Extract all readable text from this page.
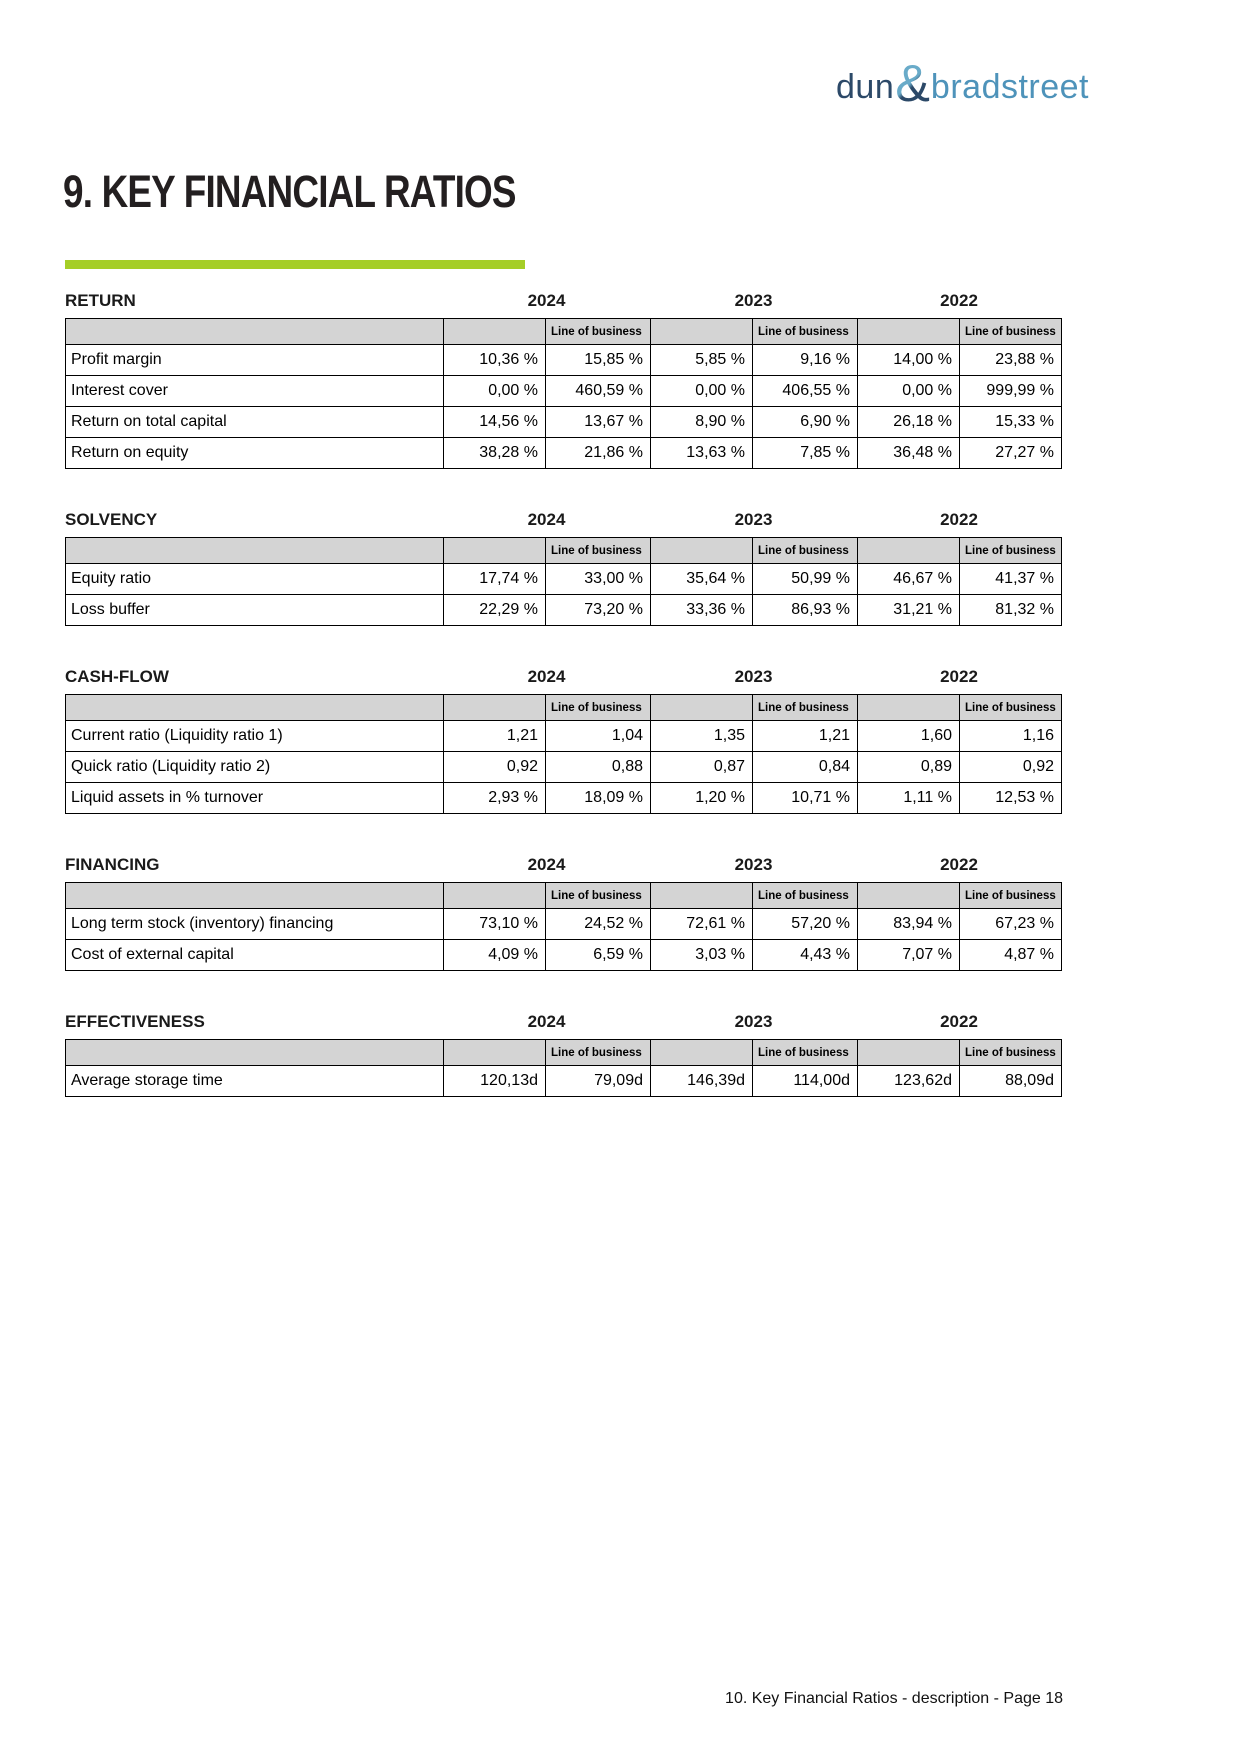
dun & bradstreet
9. KEY FINANCIAL RATIOS
RETURN	2024	2023	2022
		Line of business		Line of business		Line of business
Profit margin	10,36 %	15,85 %	5,85 %	9,16 %	14,00 %	23,88 %
Interest cover	0,00 %	460,59 %	0,00 %	406,55 %	0,00 %	999,99 %
Return on total capital	14,56 %	13,67 %	8,90 %	6,90 %	26,18 %	15,33 %
Return on equity	38,28 %	21,86 %	13,63 %	7,85 %	36,48 %	27,27 %
SOLVENCY	2024	2023	2022
		Line of business		Line of business		Line of business
Equity ratio	17,74 %	33,00 %	35,64 %	50,99 %	46,67 %	41,37 %
Loss buffer	22,29 %	73,20 %	33,36 %	86,93 %	31,21 %	81,32 %
CASH-FLOW	2024	2023	2022
		Line of business		Line of business		Line of business
Current ratio (Liquidity ratio 1)	1,21	1,04	1,35	1,21	1,60	1,16
Quick ratio (Liquidity ratio 2)	0,92	0,88	0,87	0,84	0,89	0,92
Liquid assets in % turnover	2,93 %	18,09 %	1,20 %	10,71 %	1,11 %	12,53 %
FINANCING	2024	2023	2022
		Line of business		Line of business		Line of business
Long term stock (inventory) financing	73,10 %	24,52 %	72,61 %	57,20 %	83,94 %	67,23 %
Cost of external capital	4,09 %	6,59 %	3,03 %	4,43 %	7,07 %	4,87 %
EFFECTIVENESS	2024	2023	2022
		Line of business		Line of business		Line of business
Average storage time	120,13d	79,09d	146,39d	114,00d	123,62d	88,09d
10. Key Financial Ratios - description - Page 18
